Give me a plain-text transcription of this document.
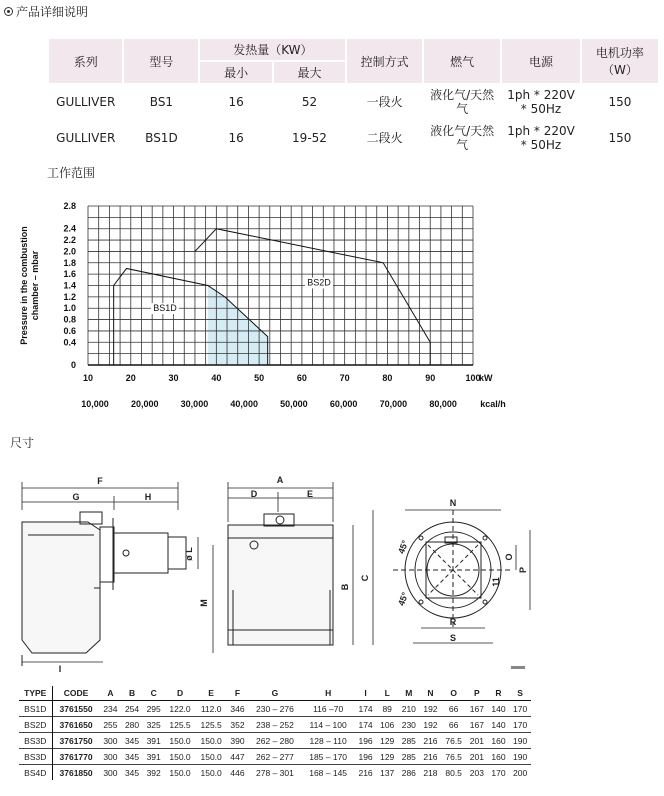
产品详细说明
系列	型号	发热量（KW）		控制方式	燃气	电源	电机功率（W）
		最小	最大				
GULLIVER	BS1	16	52	一段火	液化气/天然气	1ph * 220V * 50Hz	150
GULLIVER	BS1D	16	19-52	二段火	液化气/天然气	1ph * 220V * 50Hz	150
工作范围
BS1D
BS2D
0
0.4
0.6
0.8
1.0
1.2
1.4
1.6
1.8
2.0
2.2
2.4
2.8
10	20	30	40	50	60	70	80	90	100
kW
10,000 20,000 30,000 40,000 50,000 60,000 70,000 80,000	kcal/h
Pressure in the combustionchamber – mbar
尺寸
F
G	H
I
ø L
M
A
D	E
B
C
N
O
P
R
S
45°
45°
11
TYPE	CODE	A	B	C	D	E	F	G	H	I	L	M	N	O	P	R	S
BS1D	3761550	234	254	295	122.0	112.0	346	230 – 276	116 –70	174	89	210	192	66	167	140	170
BS2D	3761650	255	280	325	125.5	125.5	352	238 – 252	114 – 100	174	106	230	192	66	167	140	170
BS3D	3761750	300	345	391	150.0	150.0	390	262 – 280	128 – 110	196	129	285	216	76.5	201	160	190
BS3D	3761770	300	345	391	150.0	150.0	447	262 – 277	185 – 170	196	129	285	216	76.5	201	160	190
BS4D	3761850	300	345	392	150.0	150.0	446	278 – 301	168 – 145	216	137	286	218	80.5	203	170	200
